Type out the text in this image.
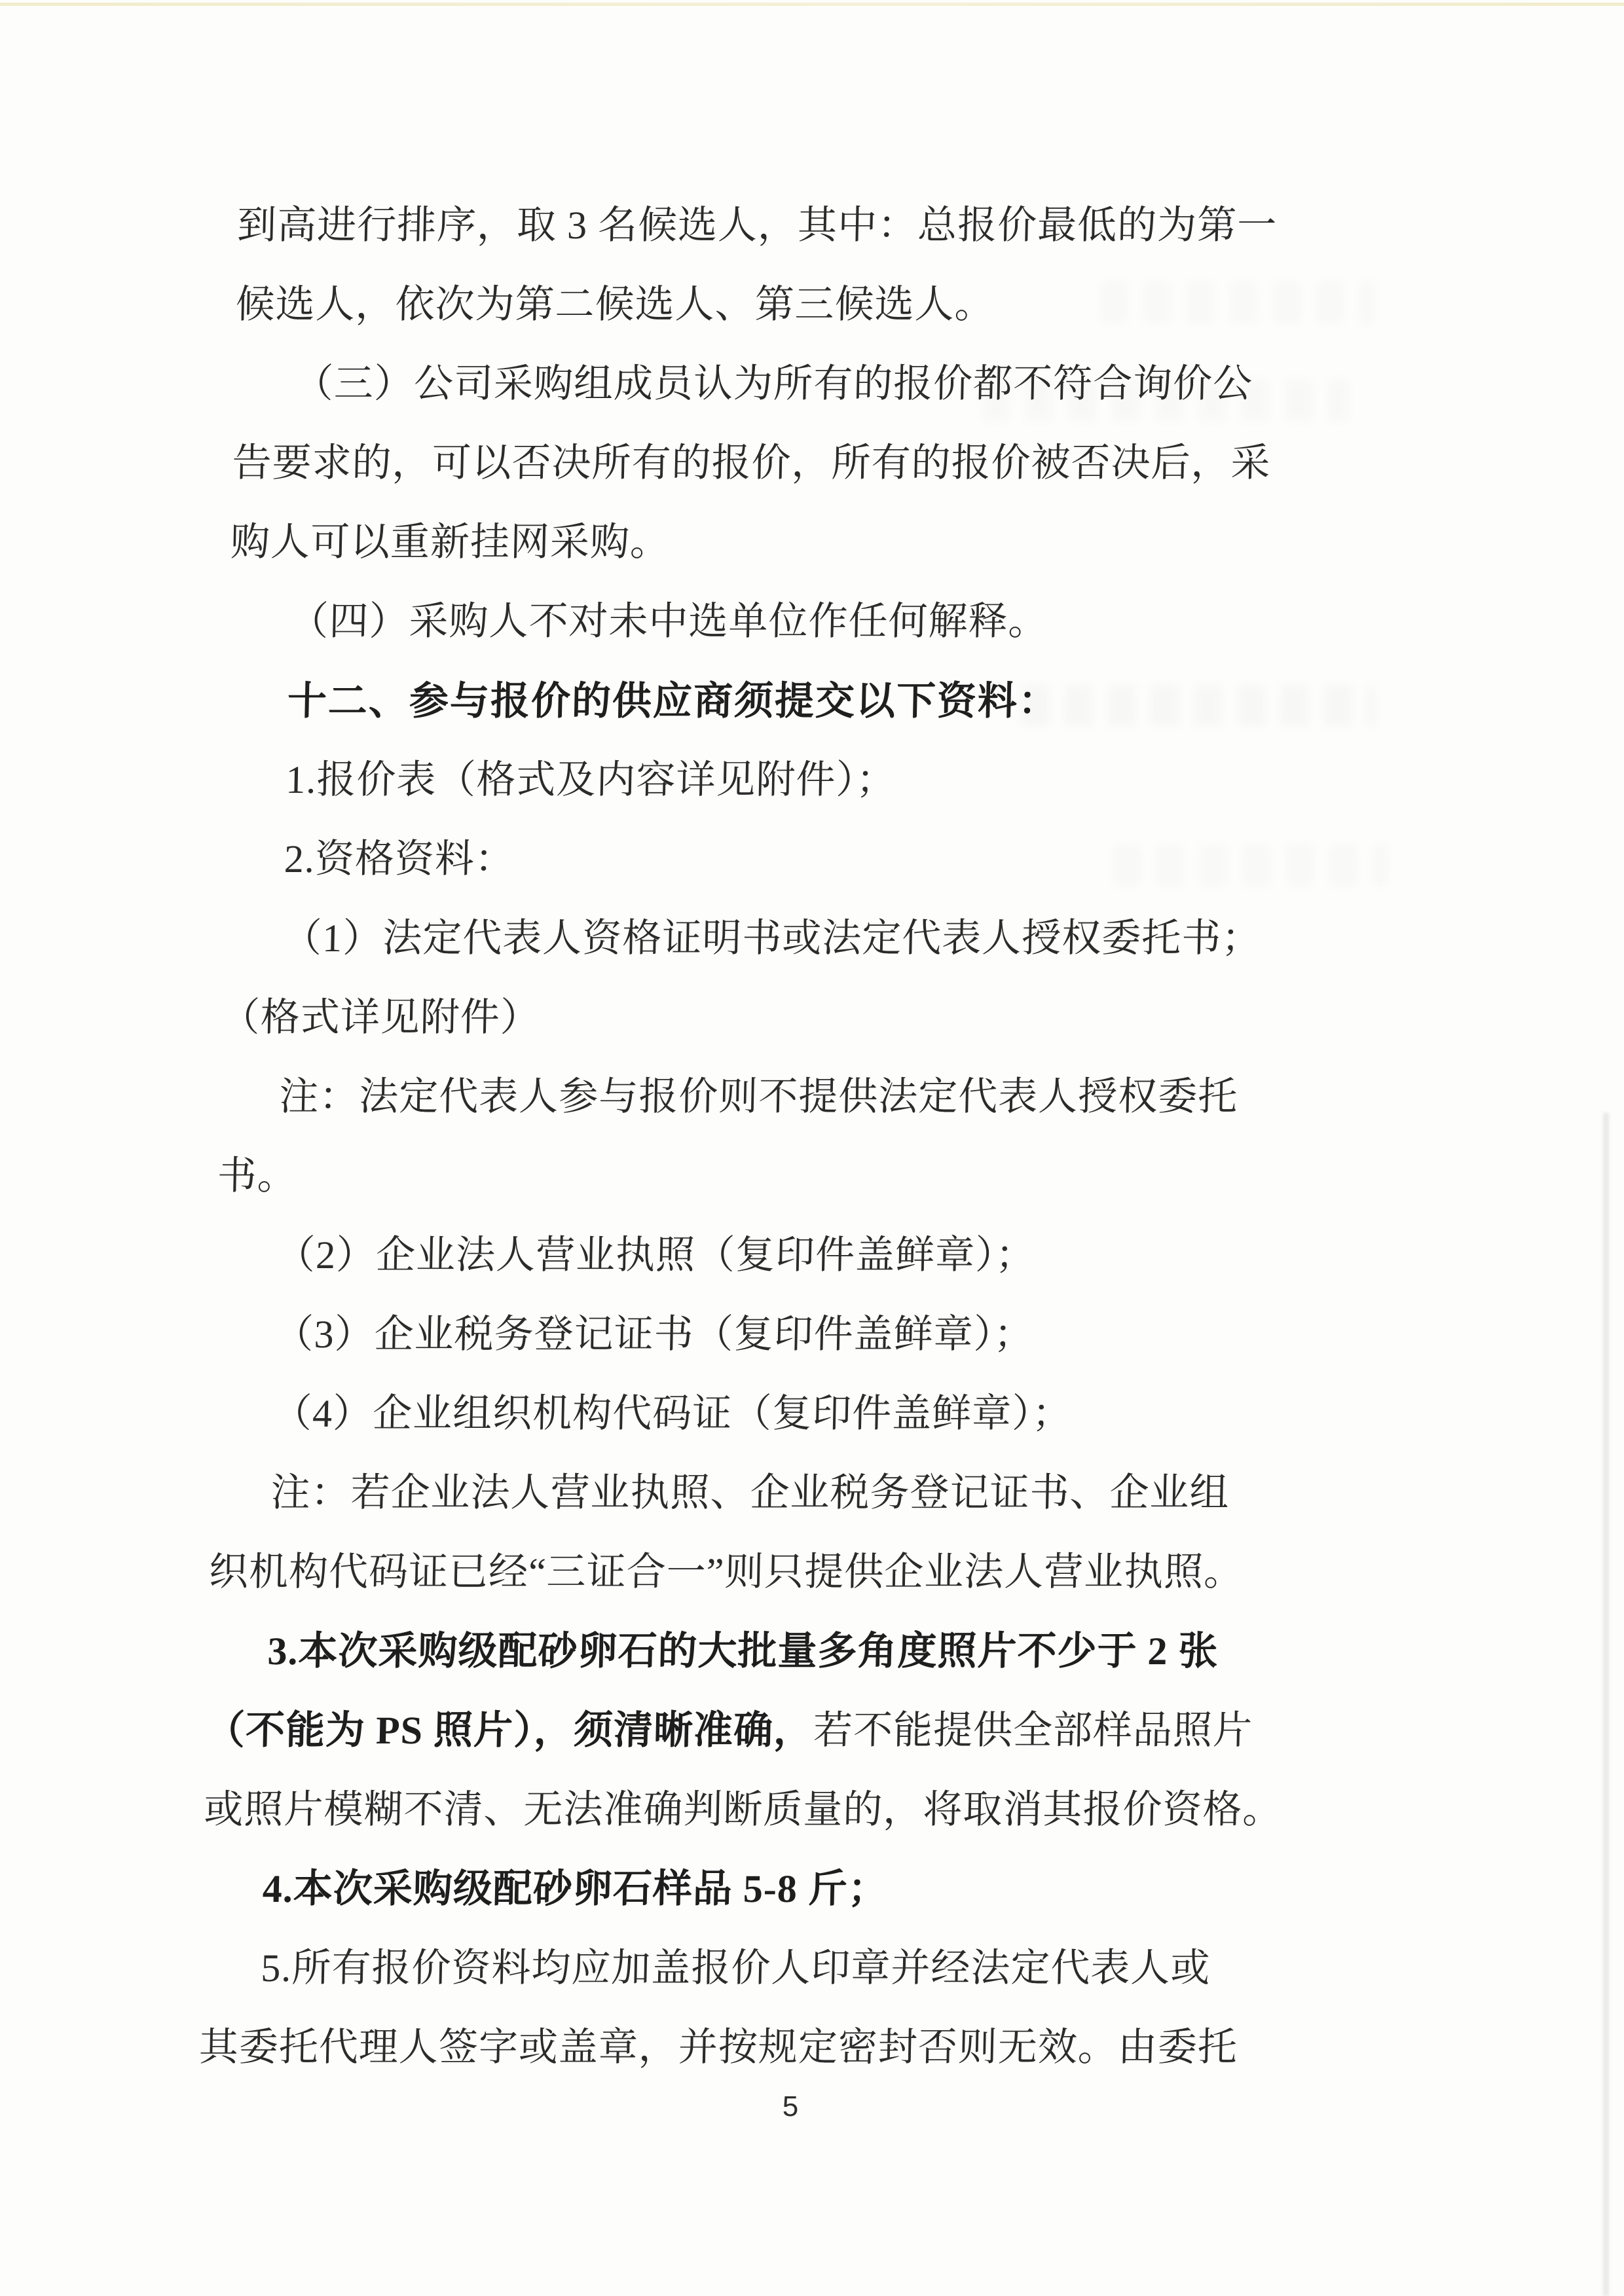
到高进行排序，取 3 名候选人，其中：总报价最低的为第一
候选人，依次为第二候选人、第三候选人。
（三）公司采购组成员认为所有的报价都不符合询价公
告要求的，可以否决所有的报价，所有的报价被否决后，采
购人可以重新挂网采购。
（四）采购人不对未中选单位作任何解释。
十二、参与报价的供应商须提交以下资料：
1.报价表（格式及内容详见附件）；
2.资格资料：
（1）法定代表人资格证明书或法定代表人授权委托书；
（格式详见附件）
注：法定代表人参与报价则不提供法定代表人授权委托
书。
（2）企业法人营业执照（复印件盖鲜章）；
（3）企业税务登记证书（复印件盖鲜章）；
（4）企业组织机构代码证（复印件盖鲜章）；
注：若企业法人营业执照、企业税务登记证书、企业组
织机构代码证已经“三证合一”则只提供企业法人营业执照。
3.本次采购级配砂卵石的大批量多角度照片不少于 2 张
（不能为 PS 照片），须清晰准确，若不能提供全部样品照片
或照片模糊不清、无法准确判断质量的，将取消其报价资格。
4.本次采购级配砂卵石样品 5-8 斤；
5.所有报价资料均应加盖报价人印章并经法定代表人或
其委托代理人签字或盖章，并按规定密封否则无效。由委托
5
